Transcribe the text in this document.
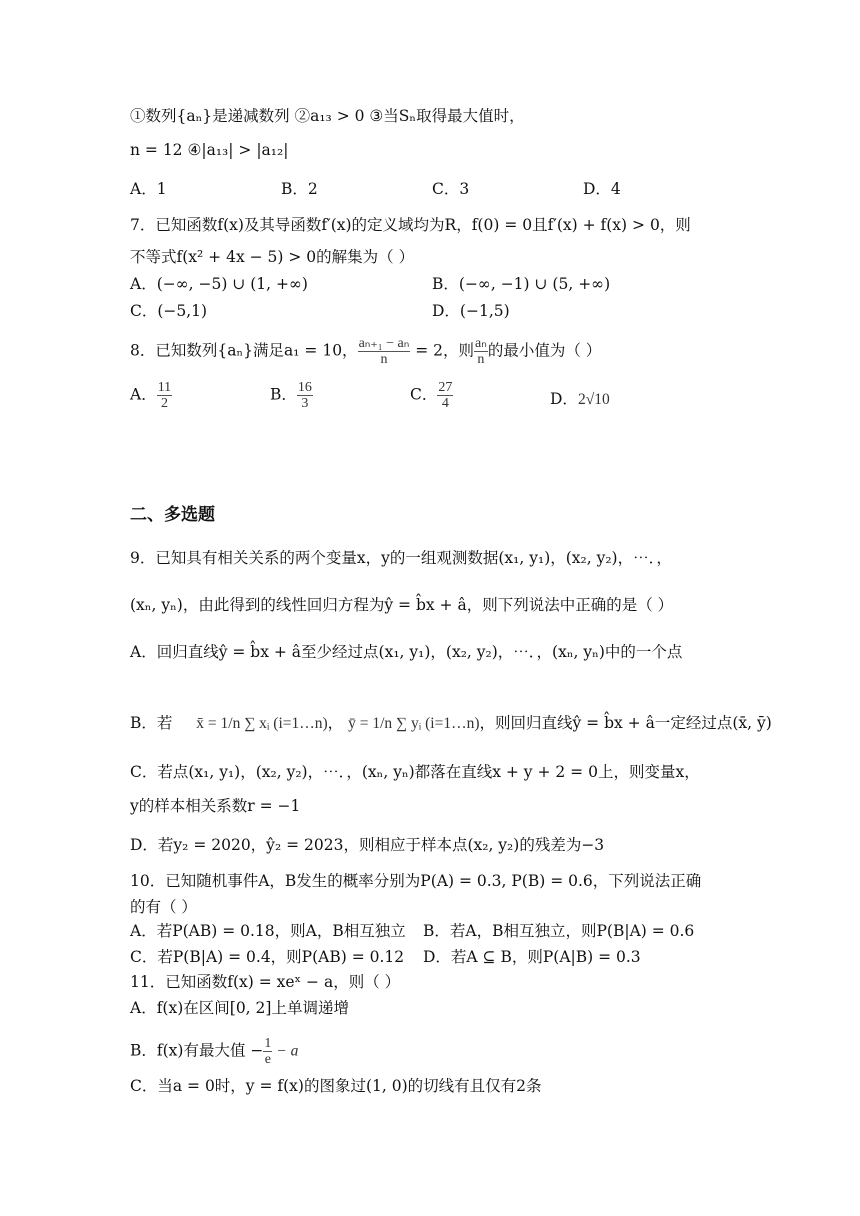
①数列{aₙ}是递减数列 ②a₁₃ > 0 ③当Sₙ取得最大值时，
n = 12 ④|a₁₃| > |a₁₂|
A．1	B．2	C．3	D．4
7．已知函数f(x)及其导函数f′(x)的定义域均为R，f(0) = 0且f′(x) + f(x) > 0，则
不等式f(x² + 4x − 5) > 0的解集为（ ）
A．(−∞, −5) ∪ (1, +∞)	B．(−∞, −1) ∪ (5, +∞)
C．(−5,1)	D．(−1,5)
8．已知数列{aₙ}满足a₁ = 10， $\frac{\text{aₙ₊₁ − aₙ}}{n} = 2$，则 $\frac{\text{aₙ}}{n}$ 的最小值为（ ）
A． $\frac{11}{2}$	B． $\frac{16}{3}$	C． $\frac{27}{4}$	D．2√10
二、多选题
9．已知具有相关关系的两个变量x，y的一组观测数据(x₁, y₁)，(x₂, y₂)，⋯．，
(xₙ, yₙ)，由此得到的线性回归方程为ŷ = b̂x + â，则下列说法中正确的是（ ）
A．回归直线ŷ = b̂x + â至少经过点(x₁, y₁)，(x₂, y₂)，⋯．，(xₙ, yₙ)中的一个点
B．若 x̄ = 1/n ∑ xᵢ (i=1…n)， ȳ = 1/n ∑ yᵢ (i=1…n)，则回归直线ŷ = b̂x + â一定经过点(x̄, ȳ)
C．若点(x₁, y₁)，(x₂, y₂)，⋯．，(xₙ, yₙ)都落在直线x + y + 2 = 0上，则变量x，
y的样本相关系数r = −1
D．若y₂ = 2020，ŷ₂ = 2023，则相应于样本点(x₂, y₂)的残差为−3
10．已知随机事件A，B发生的概率分别为P(A) = 0.3, P(B) = 0.6，下列说法正确
的有（ ）
A．若P(AB) = 0.18，则A，B相互独立 B．若A，B相互独立，则P(B|A) = 0.6
C．若P(B|A) = 0.4，则P(AB) = 0.12 D．若A ⊆ B，则P(A|B) = 0.3
11．已知函数f(x) = xeˣ − a，则（ ）
A．f(x)在区间[0, 2]上单调递增
B．f(x)有最大值 − $\frac{1}{e} - a$
C．当a = 0时，y = f(x)的图象过(1, 0)的切线有且仅有2条
